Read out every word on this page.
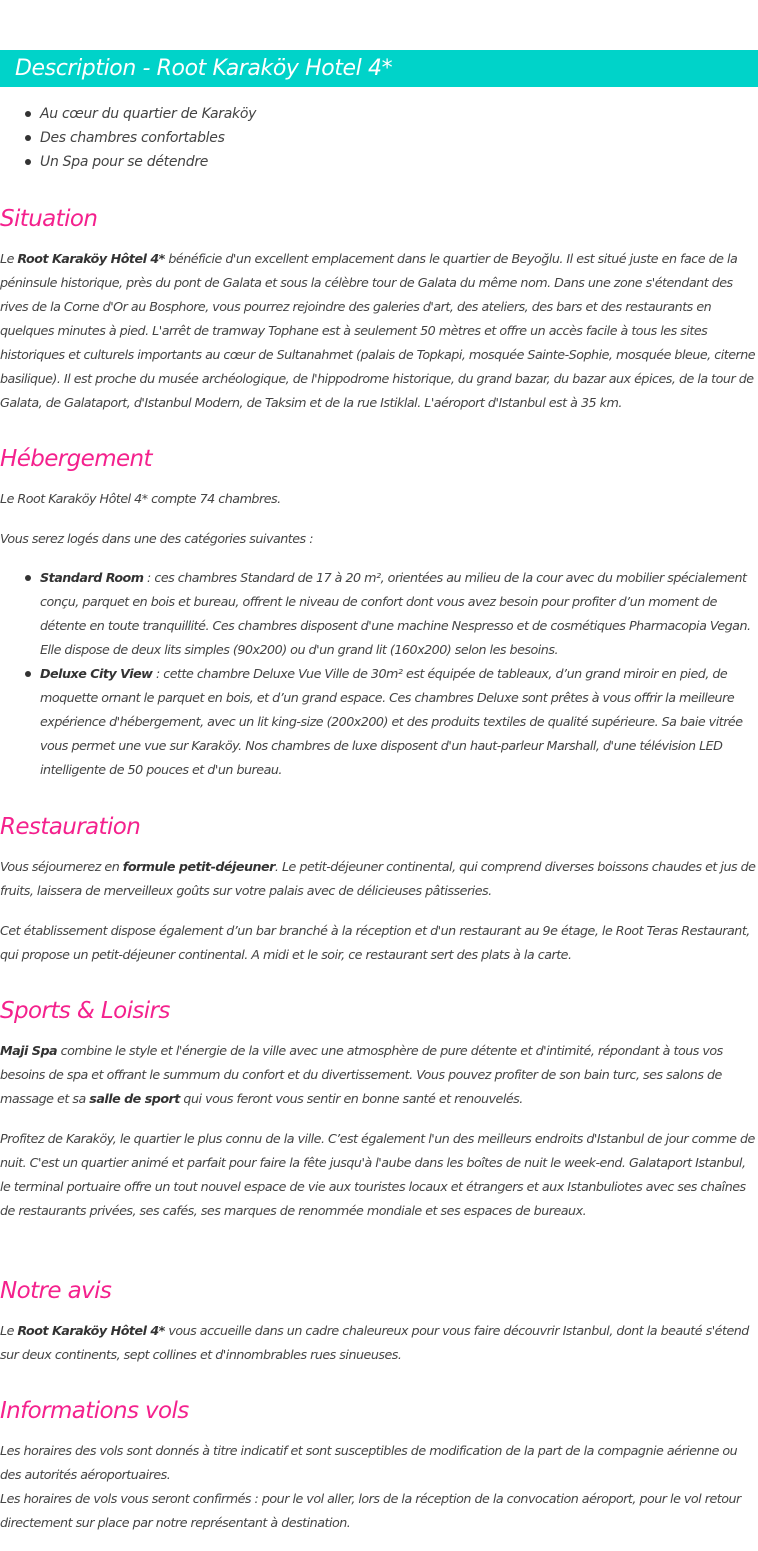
Description - Root Karaköy Hotel 4*
Au cœur du quartier de Karaköy
Des chambres confortables
Un Spa pour se détendre
Situation

Le Root Karaköy Hôtel 4* bénéficie d'un excellent emplacement dans le quartier de Beyoğlu. Il est situé juste en face de la péninsule historique, près du pont de Galata et sous la célèbre tour de Galata du même nom. Dans une zone s'étendant des rives de la Corne d'Or au Bosphore, vous pourrez rejoindre des galeries d'art, des ateliers, des bars et des restaurants en quelques minutes à pied. L'arrêt de tramway Tophane est à seulement 50 mètres et offre un accès facile à tous les sites historiques et culturels importants au cœur de Sultanahmet (palais de Topkapi, mosquée Sainte-Sophie, mosquée bleue, citerne basilique). Il est proche du musée archéologique, de l'hippodrome historique, du grand bazar, du bazar aux épices, de la tour de Galata, de Galataport, d'Istanbul Modern, de Taksim et de la rue Istiklal. L'aéroport d'Istanbul est à 35 km.

Hébergement

Le Root Karaköy Hôtel 4* compte 74 chambres.

Vous serez logés dans une des catégories suivantes :

Standard Room : ces chambres Standard de 17 à 20 m², orientées au milieu de la cour avec du mobilier spécialement conçu, parquet en bois et bureau, offrent le niveau de confort dont vous avez besoin pour profiter d’un moment de détente en toute tranquillité. Ces chambres disposent d'une machine Nespresso et de cosmétiques Pharmacopia Vegan. Elle dispose de deux lits simples (90x200) ou d'un grand lit (160x200) selon les besoins.
Deluxe City View : cette chambre Deluxe Vue Ville de 30m² est équipée de tableaux, d’un grand miroir en pied, de moquette ornant le parquet en bois, et d’un grand espace. Ces chambres Deluxe sont prêtes à vous offrir la meilleure expérience d'hébergement, avec un lit king-size (200x200) et des produits textiles de qualité supérieure. Sa baie vitrée vous permet une vue sur Karaköy. Nos chambres de luxe disposent d'un haut-parleur Marshall, d'une télévision LED intelligente de 50 pouces et d'un bureau.
Restauration

Vous séjournerez en formule petit-déjeuner. Le petit-déjeuner continental, qui comprend diverses boissons chaudes et jus de fruits, laissera de merveilleux goûts sur votre palais avec de délicieuses pâtisseries.

Cet établissement dispose également d’un bar branché à la réception et d'un restaurant au 9e étage, le Root Teras Restaurant, qui propose un petit-déjeuner continental. A midi et le soir, ce restaurant sert des plats à la carte.

Sports & Loisirs

Maji Spa combine le style et l'énergie de la ville avec une atmosphère de pure détente et d'intimité, répondant à tous vos besoins de spa et offrant le summum du confort et du divertissement. Vous pouvez profiter de son bain turc, ses salons de massage et sa salle de sport qui vous feront vous sentir en bonne santé et renouvelés.

Profitez de Karaköy, le quartier le plus connu de la ville. C’est également l'un des meilleurs endroits d'Istanbul de jour comme de nuit. C'est un quartier animé et parfait pour faire la fête jusqu'à l'aube dans les boîtes de nuit le week-end. Galataport Istanbul, le terminal portuaire offre un tout nouvel espace de vie aux touristes locaux et étrangers et aux Istanbuliotes avec ses chaînes de restaurants privées, ses cafés, ses marques de renommée mondiale et ses espaces de bureaux.

Notre avis

Le Root Karaköy Hôtel 4* vous accueille dans un cadre chaleureux pour vous faire découvrir Istanbul, dont la beauté s'étend sur deux continents, sept collines et d'innombrables rues sinueuses.

Informations vols

Les horaires des vols sont donnés à titre indicatif et sont susceptibles de modification de la part de la compagnie aérienne ou des autorités aéroportuaires.
Les horaires de vols vous seront confirmés : pour le vol aller, lors de la réception de la convocation aéroport, pour le vol retour directement sur place par notre représentant à destination.
